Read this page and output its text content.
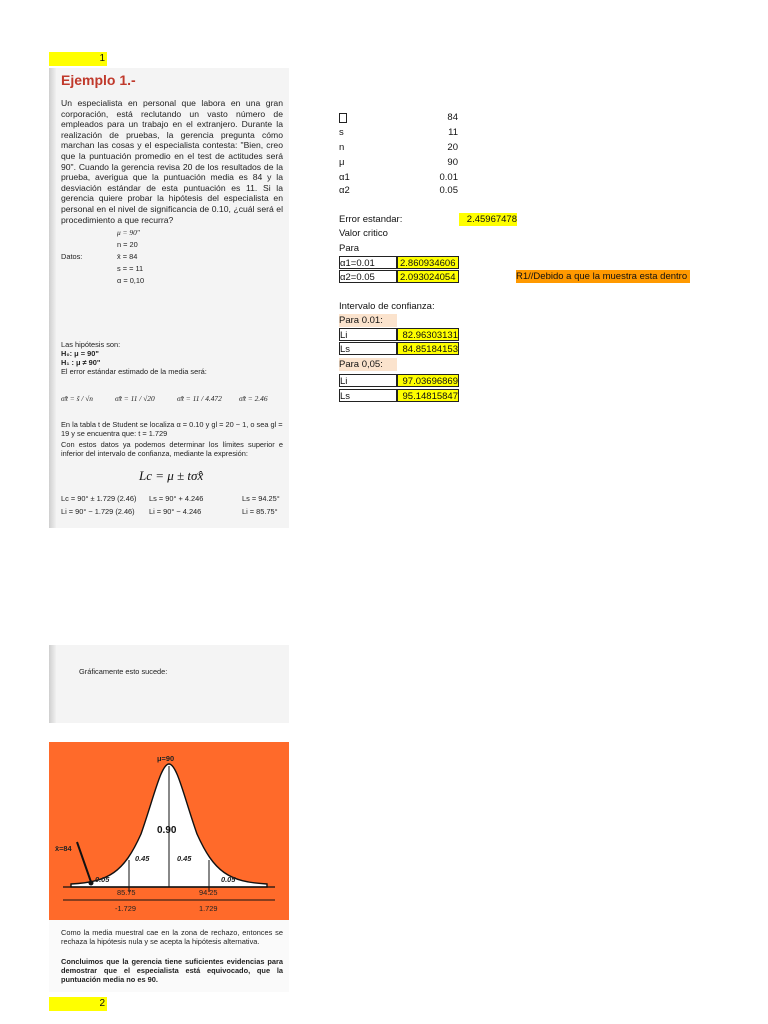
1
2
Ejemplo 1.-
Un especialista en personal que labora en una gran corporación, está reclutando un vasto número de empleados para un trabajo en el extranjero. Durante la realización de pruebas, la gerencia pregunta cómo marchan las cosas y el especialista contesta: "Bien, creo que la puntuación promedio en el test de actitudes será 90". Cuando la gerencia revisa 20 de los resultados de la prueba, averigua que la puntuación media es 84 y la desviación estándar de esta puntuación es 11. Si la gerencia quiere probar la hipótesis del especialista en personal en el nivel de significancia de 0.10, ¿cuál será el procedimiento a que recurra?
μ = 90"
n = 20
Datos:	x̄ = 84
s = = 11
α = 0,10
Las hipótesis son:
H₀: μ = 90"
H₁ : μ ≠ 90"
El error estándar estimado de la media será:
σ̂x̄ = ŝ / √n	σ̂x̄ = 11 / √20	σ̂x̄ = 11 / 4.472 σ̂x̄ = 2.46
En la tabla t de Student se localiza α = 0.10 y gl = 20 − 1, o sea gl = 19 y se encuentra que: t = 1.729
Con estos datos ya podemos determinar los límites superior e inferior del intervalo de confianza, mediante la expresión:
Lc = μ ± tσ̂x̄
Lc = 90° ± 1.729 (2.46) Ls = 90° + 4.246	Ls = 94.25°
Li = 90° − 1.729 (2.46) Li = 90° − 4.246	Li = 85.75°
Gráficamente esto sucede:
μ=90
0.90
0.45	0.45
0.05	0.05
x̄=84
85.75	94.25
-1.729	1.729
Como la media muestral cae en la zona de rechazo, entonces se rechaza la hipótesis nula y se acepta la hipótesis alternativa.
Concluimos que la gerencia tiene suficientes evidencias para demostrar que el especialista está equivocado, que la puntuación media no es 90.
84
s	11
n	20
μ	90
α1	0.01
α2	0.05
Error estandar:	2.45967478
Valor critico
Para
α1=0.01	2.860934606
α2=0.05	2.093024054	R1//Debido a que la muestra esta dentro
Intervalo de confianza:
Para 0.01:
Li	82.96303131
Ls	84.85184153
Para 0,05:
Li	97.03696869
Ls	95.14815847
